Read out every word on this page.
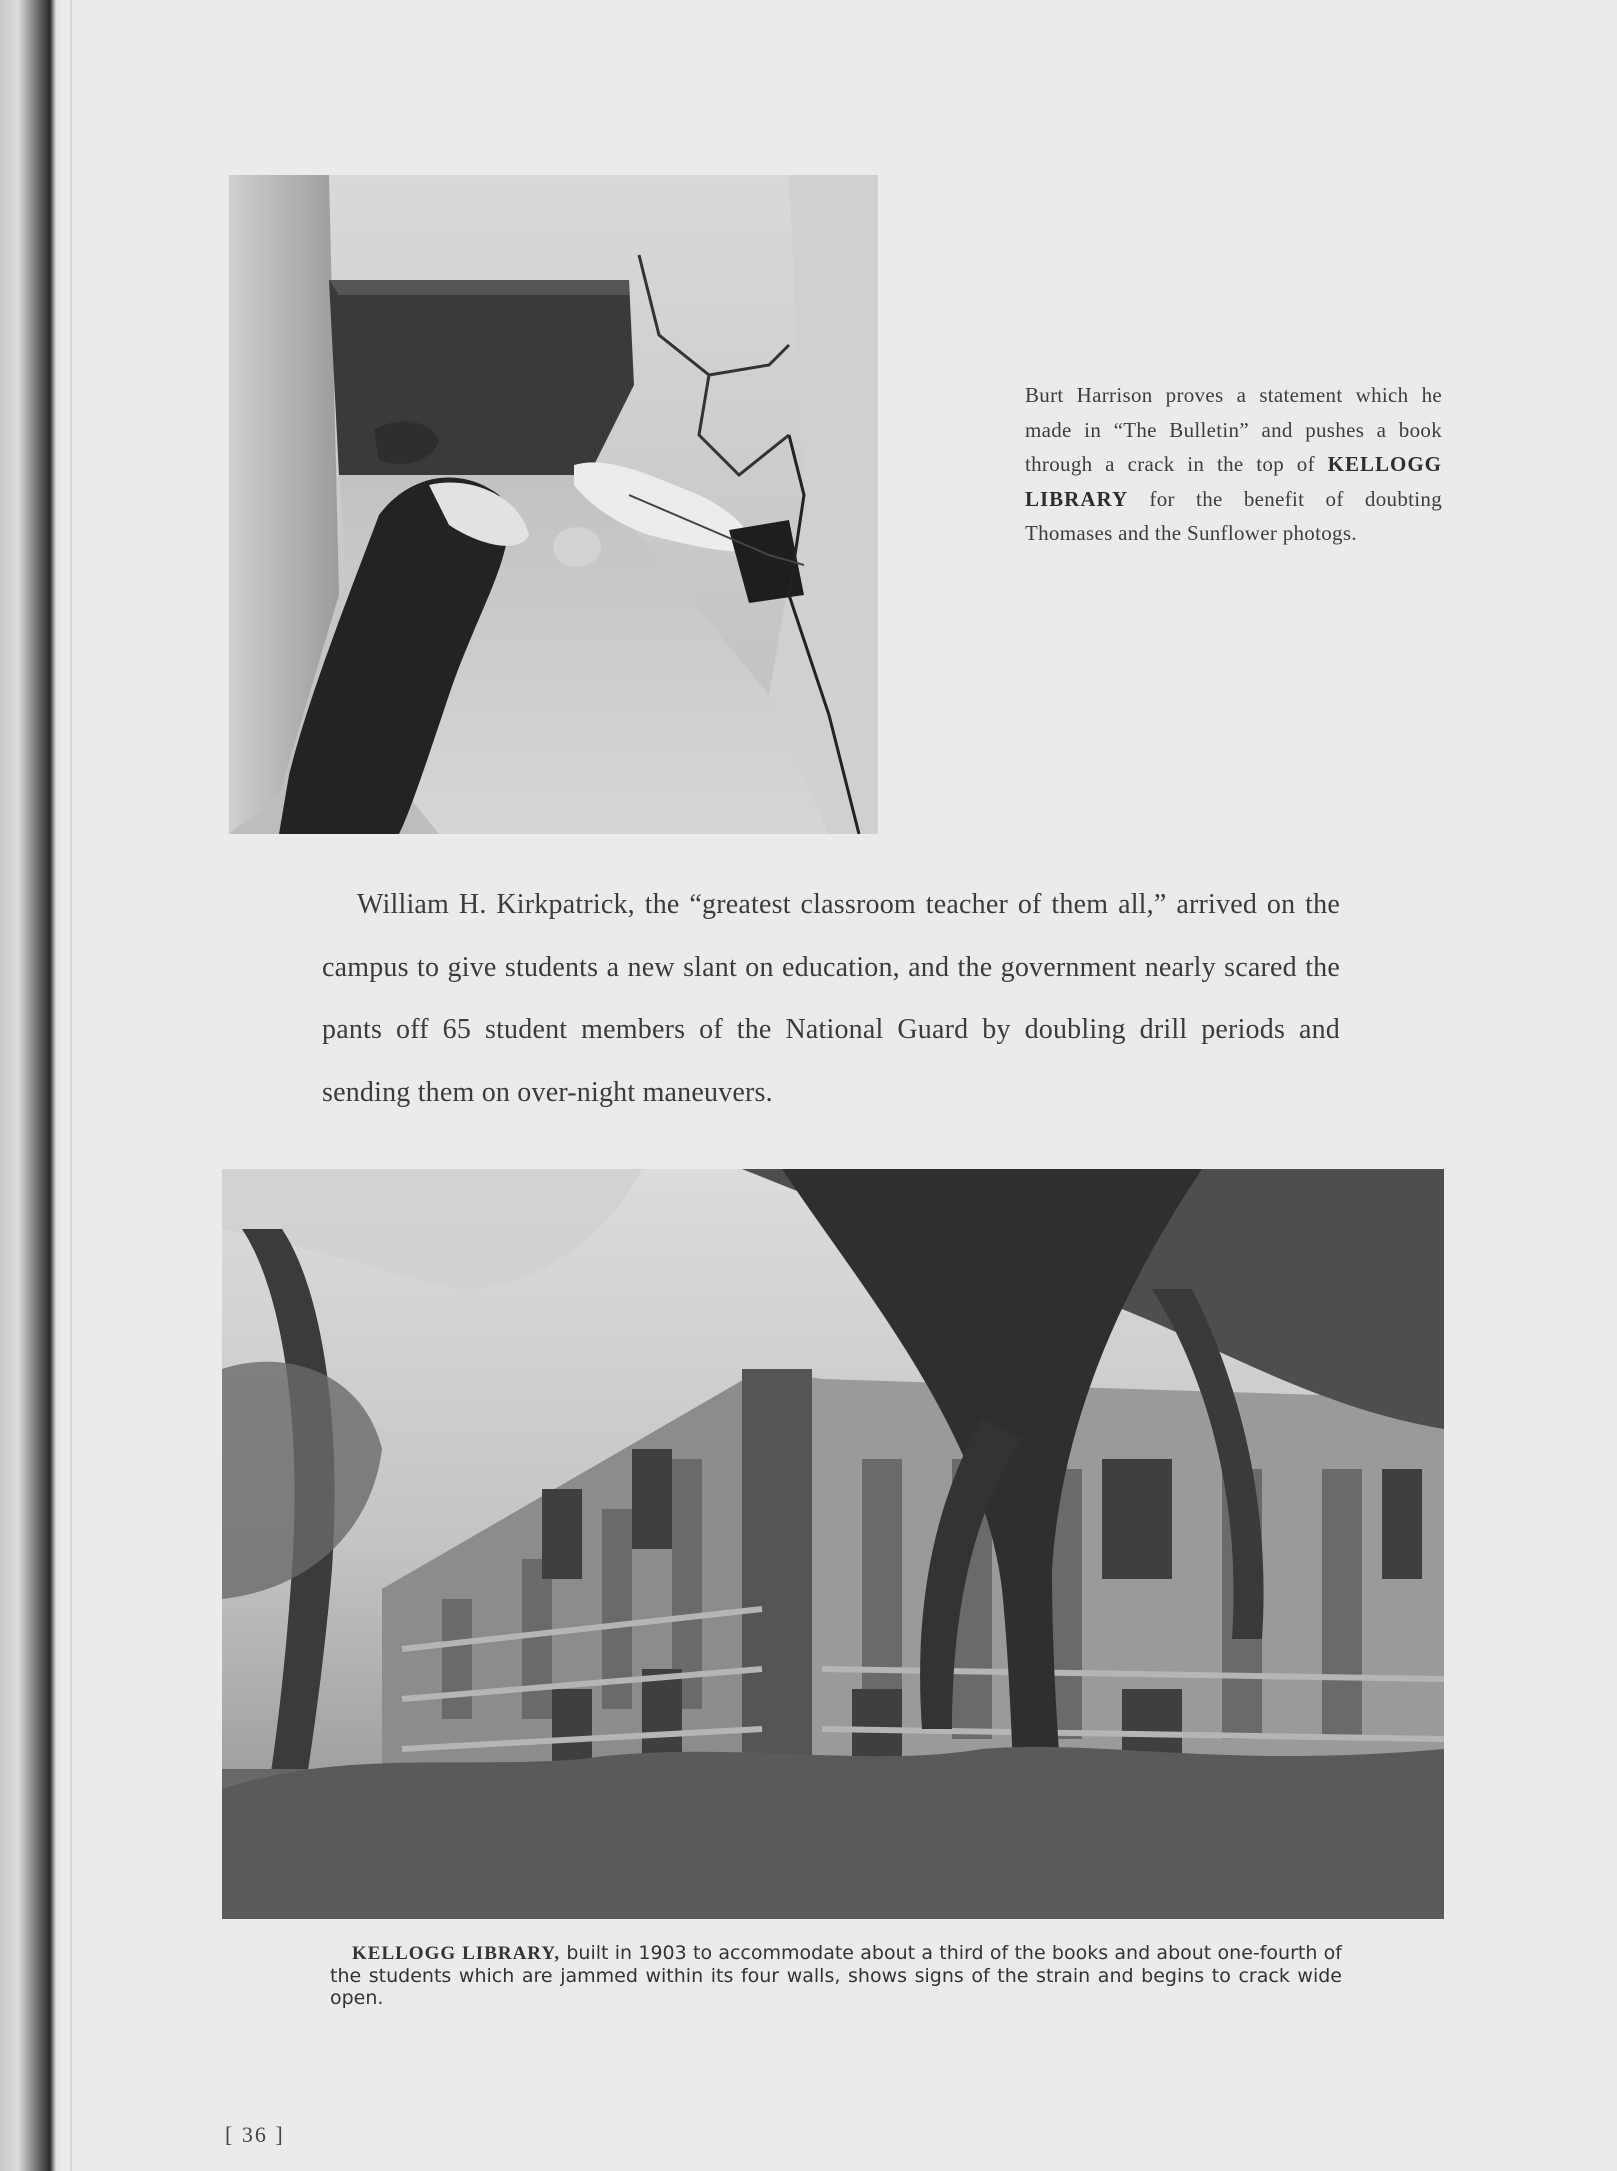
Burt Harrison proves a statement which he made in “The Bulletin” and pushes a book through a crack in the top of KELLOGG LIBRARY for the benefit of doubting Thomases and the Sunflower photogs.
William H. Kirkpatrick, the “greatest classroom teacher of them all,” arrived on the campus to give students a new slant on education, and the government nearly scared the pants off 65 student members of the National Guard by doubling drill periods and sending them on over-night maneuvers.
KELLOGG LIBRARY, built in 1903 to accommodate about a third of the books and about one-fourth of the students which are jammed within its four walls, shows signs of the strain and begins to crack wide open.
[ 36 ]
